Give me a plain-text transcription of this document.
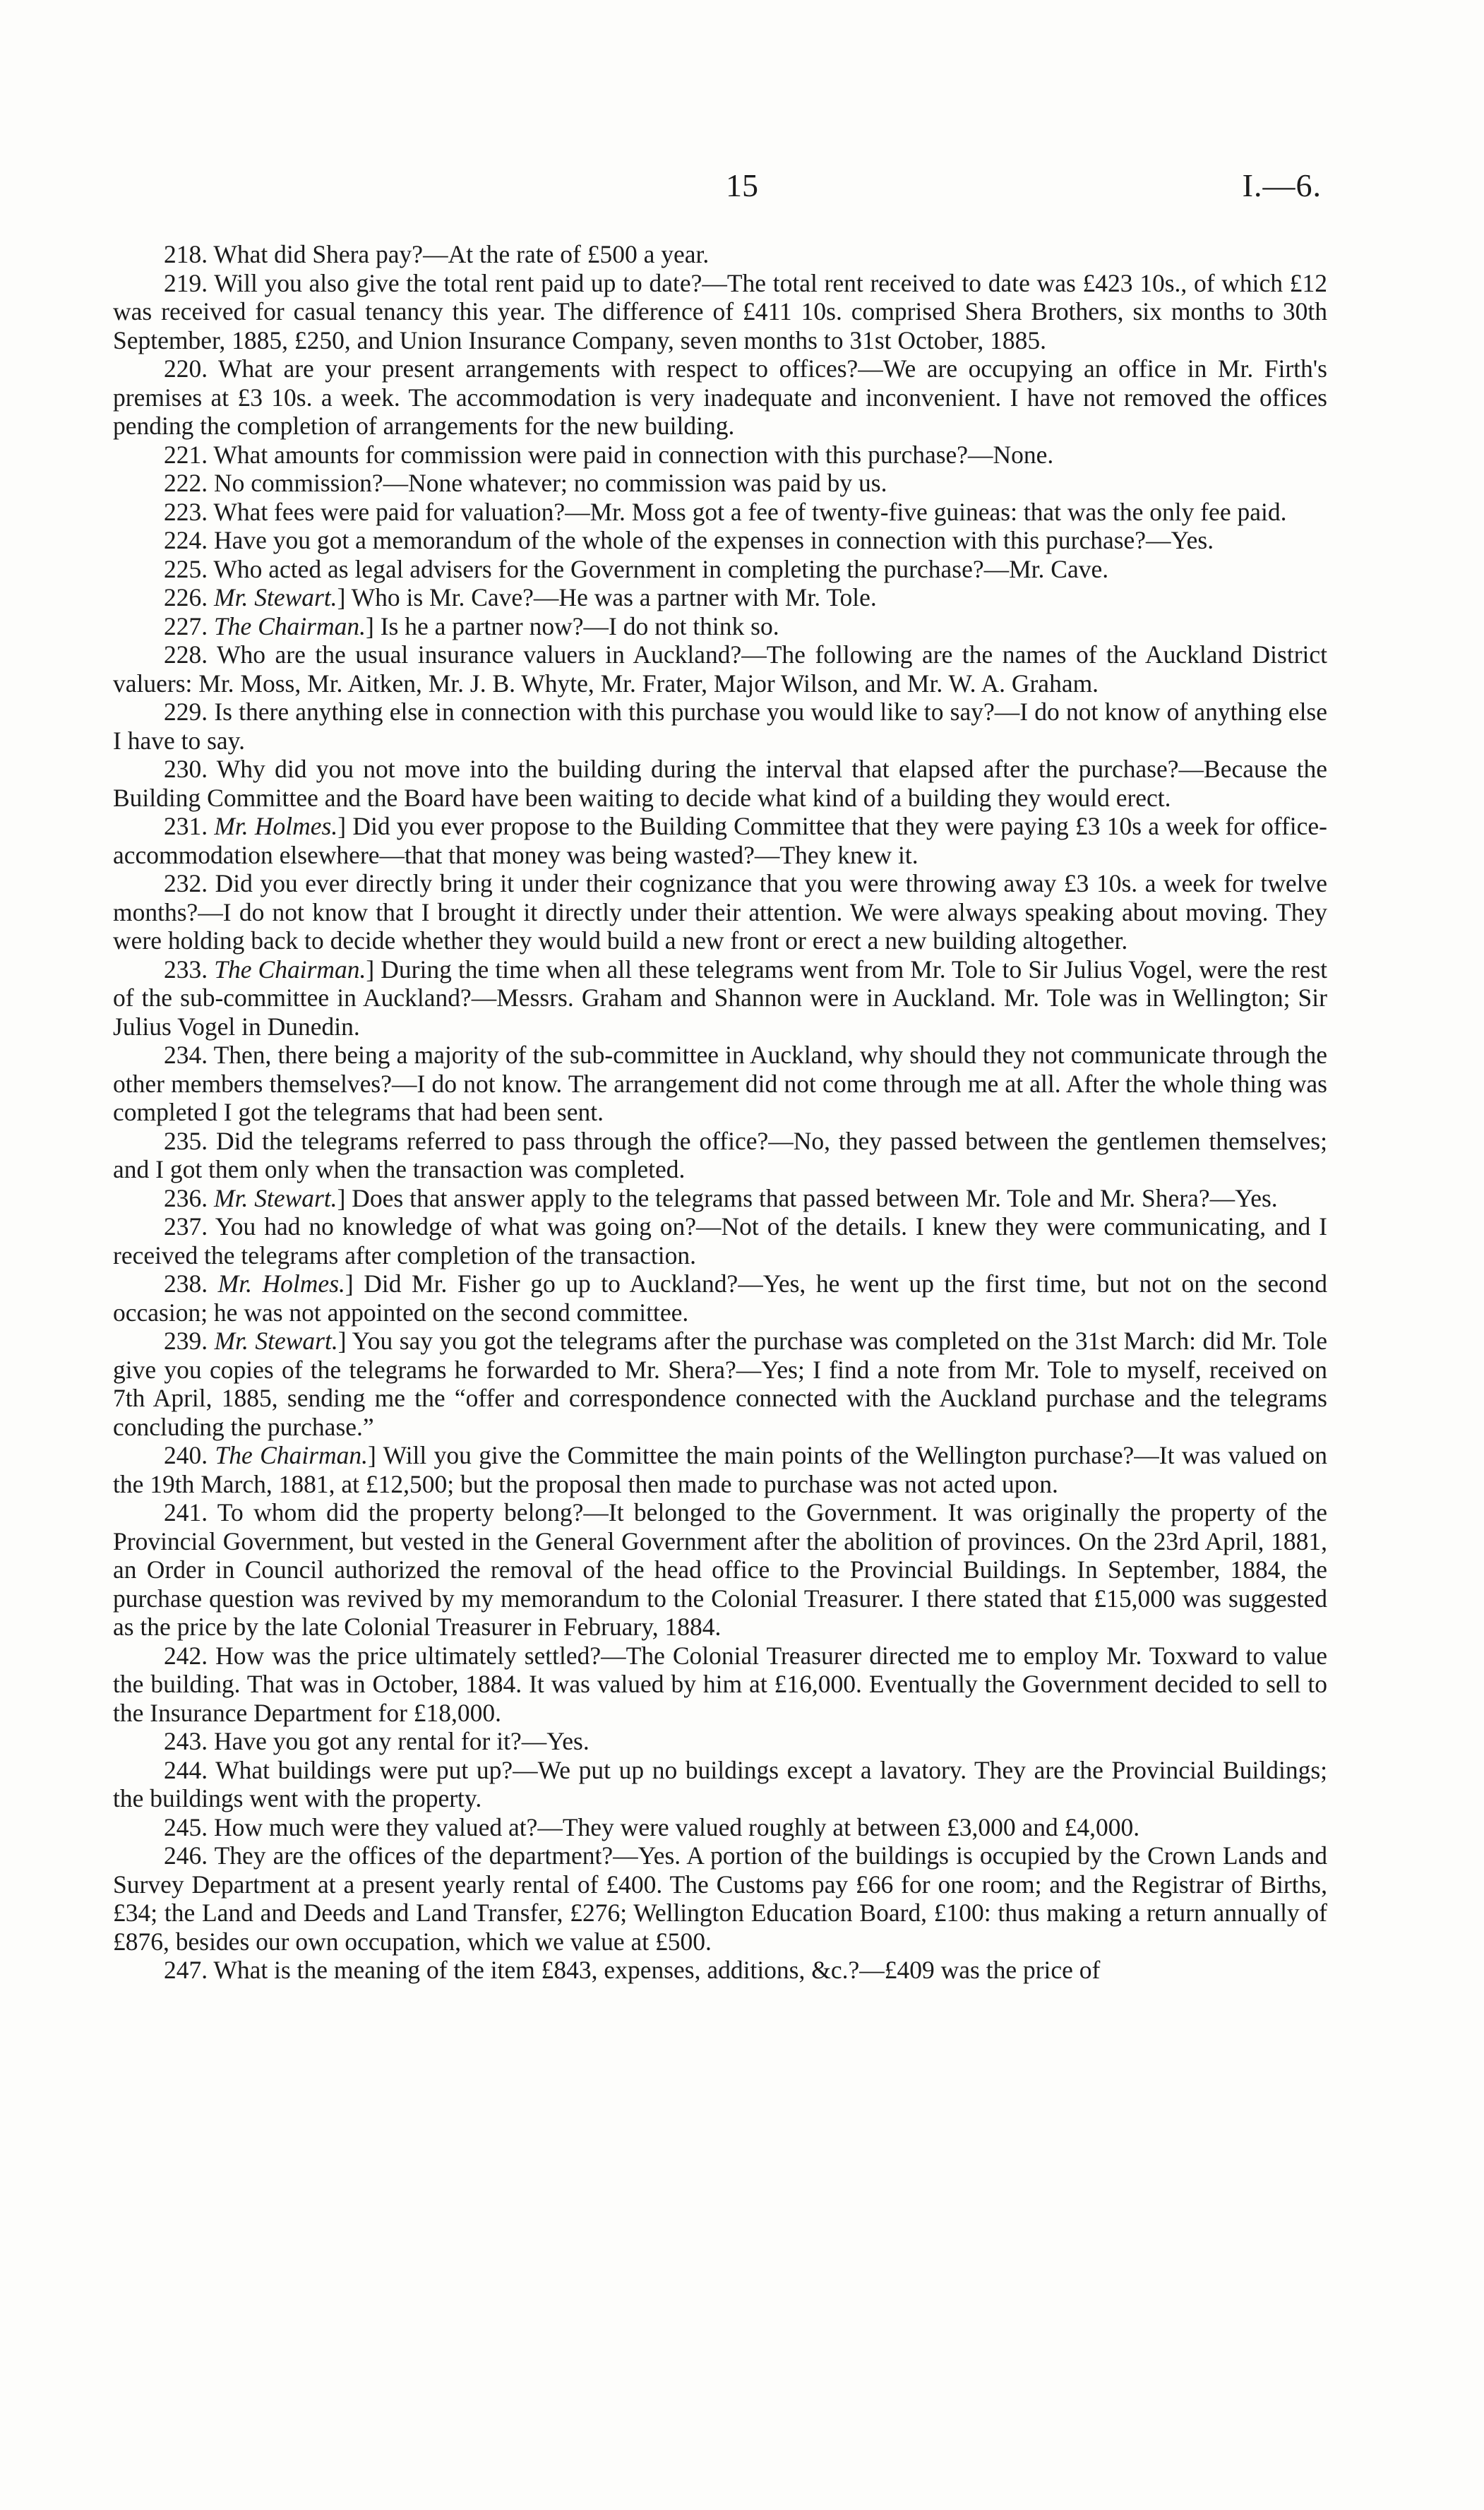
15	I.—6.

218. What did Shera pay?—At the rate of £500 a year.

219. Will you also give the total rent paid up to date?—The total rent received to date was £423 10s., of which £12 was received for casual tenancy this year. The difference of £411 10s. comprised Shera Brothers, six months to 30th September, 1885, £250, and Union Insurance Company, seven months to 31st October, 1885.

220. What are your present arrangements with respect to offices?—We are occupying an office in Mr. Firth's premises at £3 10s. a week. The accommodation is very inadequate and inconvenient. I have not removed the offices pending the completion of arrangements for the new building.

221. What amounts for commission were paid in connection with this purchase?—None.

222. No commission?—None whatever; no commission was paid by us.

223. What fees were paid for valuation?—Mr. Moss got a fee of twenty-five guineas: that was the only fee paid.

224. Have you got a memorandum of the whole of the expenses in connection with this purchase?—Yes.

225. Who acted as legal advisers for the Government in completing the purchase?—Mr. Cave.

226. Mr. Stewart.] Who is Mr. Cave?—He was a partner with Mr. Tole.

227. The Chairman.] Is he a partner now?—I do not think so.

228. Who are the usual insurance valuers in Auckland?—The following are the names of the Auckland District valuers: Mr. Moss, Mr. Aitken, Mr. J. B. Whyte, Mr. Frater, Major Wilson, and Mr. W. A. Graham.

229. Is there anything else in connection with this purchase you would like to say?—I do not know of anything else I have to say.

230. Why did you not move into the building during the interval that elapsed after the purchase?—Because the Building Committee and the Board have been waiting to decide what kind of a building they would erect.

231. Mr. Holmes.] Did you ever propose to the Building Committee that they were paying £3 10s a week for office-accommodation elsewhere—that that money was being wasted?—They knew it.

232. Did you ever directly bring it under their cognizance that you were throwing away £3 10s. a week for twelve months?—I do not know that I brought it directly under their attention. We were always speaking about moving. They were holding back to decide whether they would build a new front or erect a new building altogether.

233. The Chairman.] During the time when all these telegrams went from Mr. Tole to Sir Julius Vogel, were the rest of the sub-committee in Auckland?—Messrs. Graham and Shannon were in Auckland. Mr. Tole was in Wellington; Sir Julius Vogel in Dunedin.

234. Then, there being a majority of the sub-committee in Auckland, why should they not communicate through the other members themselves?—I do not know. The arrangement did not come through me at all. After the whole thing was completed I got the telegrams that had been sent.

235. Did the telegrams referred to pass through the office?—No, they passed between the gentlemen themselves; and I got them only when the transaction was completed.

236. Mr. Stewart.] Does that answer apply to the telegrams that passed between Mr. Tole and Mr. Shera?—Yes.

237. You had no knowledge of what was going on?—Not of the details. I knew they were communicating, and I received the telegrams after completion of the transaction.

238. Mr. Holmes.] Did Mr. Fisher go up to Auckland?—Yes, he went up the first time, but not on the second occasion; he was not appointed on the second committee.

239. Mr. Stewart.] You say you got the telegrams after the purchase was completed on the 31st March: did Mr. Tole give you copies of the telegrams he forwarded to Mr. Shera?—Yes; I find a note from Mr. Tole to myself, received on 7th April, 1885, sending me the “offer and correspondence connected with the Auckland purchase and the telegrams concluding the purchase.”

240. The Chairman.] Will you give the Committee the main points of the Wellington purchase?—It was valued on the 19th March, 1881, at £12,500; but the proposal then made to purchase was not acted upon.

241. To whom did the property belong?—It belonged to the Government. It was originally the property of the Provincial Government, but vested in the General Government after the abolition of provinces. On the 23rd April, 1881, an Order in Council authorized the removal of the head office to the Provincial Buildings. In September, 1884, the purchase question was revived by my memorandum to the Colonial Treasurer. I there stated that £15,000 was suggested as the price by the late Colonial Treasurer in February, 1884.

242. How was the price ultimately settled?—The Colonial Treasurer directed me to employ Mr. Toxward to value the building. That was in October, 1884. It was valued by him at £16,000. Eventually the Government decided to sell to the Insurance Department for £18,000.

243. Have you got any rental for it?—Yes.

244. What buildings were put up?—We put up no buildings except a lavatory. They are the Provincial Buildings; the buildings went with the property.

245. How much were they valued at?—They were valued roughly at between £3,000 and £4,000.

246. They are the offices of the department?—Yes. A portion of the buildings is occupied by the Crown Lands and Survey Department at a present yearly rental of £400. The Customs pay £66 for one room; and the Registrar of Births, £34; the Land and Deeds and Land Transfer, £276; Wellington Education Board, £100: thus making a return annually of £876, besides our own occupation, which we value at £500.

247. What is the meaning of the item £843, expenses, additions, &c.?—£409 was the price of
